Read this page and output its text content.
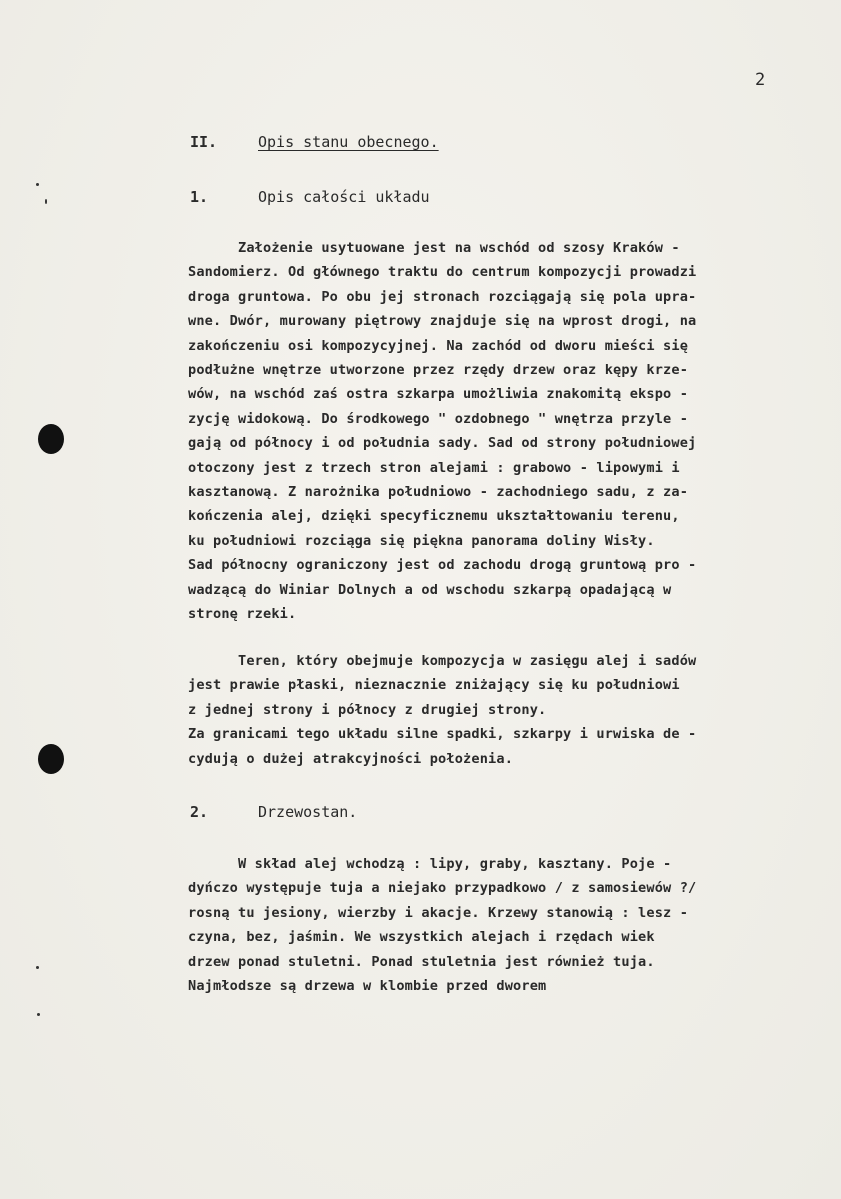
2
II.	Opis stanu obecnego.
1.	Opis całości układu
Założenie usytuowane jest na wschód od szosy Kraków -
Sandomierz. Od głównego traktu do centrum kompozycji prowadzi
droga gruntowa. Po obu jej stronach rozciągają się pola upra-
wne. Dwór, murowany piętrowy znajduje się na wprost drogi, na
zakończeniu osi kompozycyjnej. Na zachód od dworu mieści się
podłużne wnętrze utworzone przez rzędy drzew oraz kępy krze-
wów, na wschód zaś ostra szkarpa umożliwia znakomitą ekspo -
zycję widokową. Do środkowego " ozdobnego " wnętrza przyle -
gają od północy i od południa sady. Sad od strony południowej
otoczony jest z trzech stron alejami : grabowo - lipowymi i
kasztanową. Z narożnika południowo - zachodniego sadu, z za-
kończenia alej, dzięki specyficznemu ukształtowaniu terenu,
ku południowi rozciąga się piękna panorama doliny Wisły.
Sad północny ograniczony jest od zachodu drogą gruntową pro -
wadzącą do Winiar Dolnych a od wschodu szkarpą opadającą w
stronę rzeki.
Teren, który obejmuje kompozycja w zasięgu alej i sadów
jest prawie płaski, nieznacznie zniżający się ku południowi
z jednej strony i północy z drugiej strony.
Za granicami tego układu silne spadki, szkarpy i urwiska de -
cydują o dużej atrakcyjności położenia.
2.	Drzewostan.
W skład alej wchodzą : lipy, graby, kasztany. Poje -
dyńczo występuje tuja a niejako przypadkowo / z samosiewów ?/
rosną tu jesiony, wierzby i akacje. Krzewy stanowią : lesz -
czyna, bez, jaśmin. We wszystkich alejach i rzędach wiek
drzew ponad stuletni. Ponad stuletnia jest również tuja.
Najmłodsze są drzewa w klombie przed dworem
